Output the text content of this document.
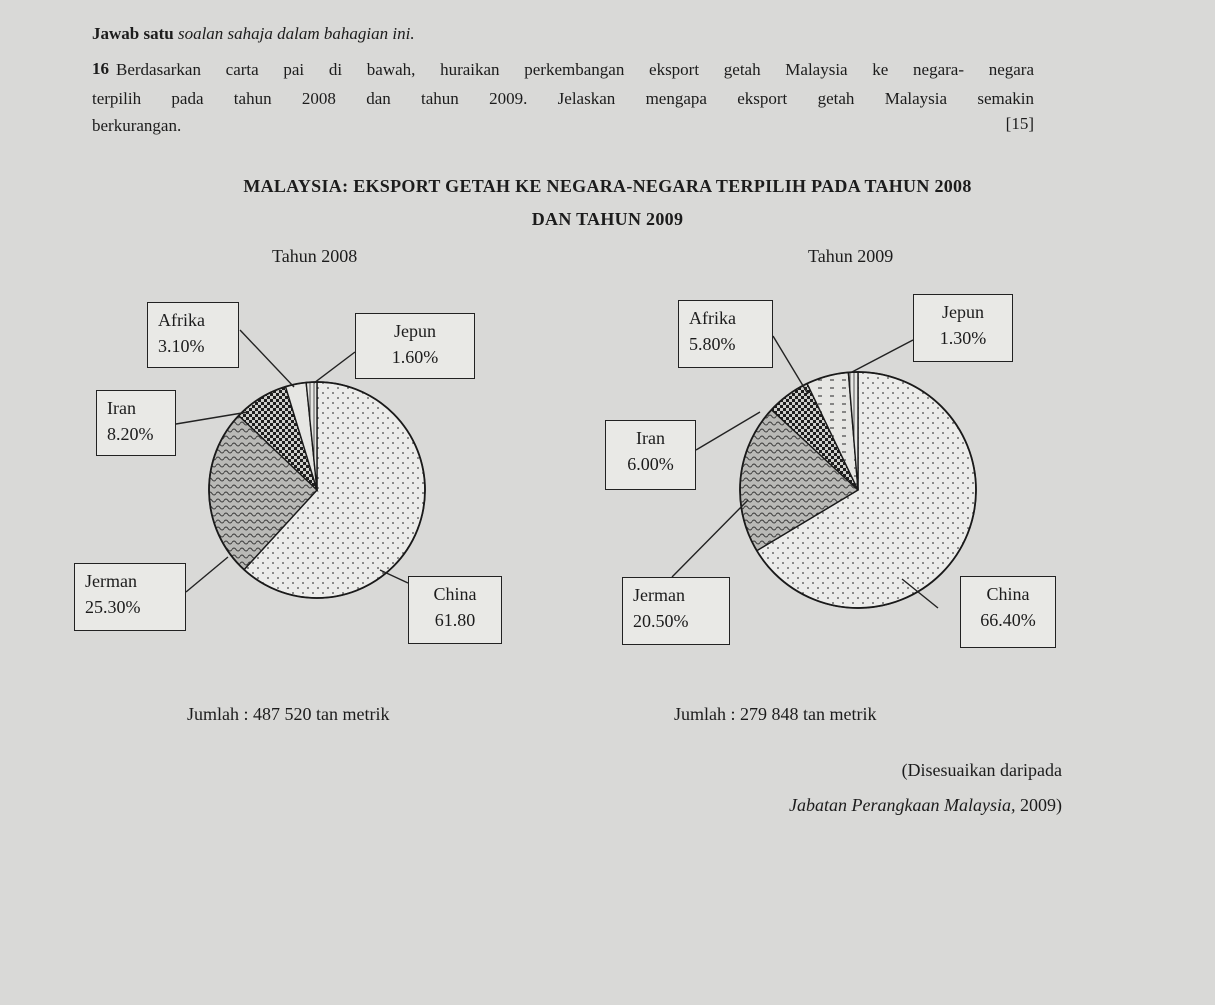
Jawab satu soalan sahaja dalam bahagian ini.
16 Berdasarkan carta pai di bawah, huraikan perkembangan eksport getah Malaysia ke negara- negara
terpilih pada tahun 2008 dan tahun 2009. Jelaskan mengapa eksport getah Malaysia semakin
berkurangan.	[15]
MALAYSIA: EKSPORT GETAH KE NEGARA-NEGARA TERPILIH PADA TAHUN 2008
DAN TAHUN 2009
Tahun 2008	Tahun 2009
Afrika
3.10%
Jepun
1.60%
Iran
8.20%
Jerman
25.30%
China
61.80
Afrika
5.80%
Jepun
1.30%
Iran
6.00%
Jerman
20.50%
China
66.40%
Jumlah : 487 520 tan metrik	Jumlah : 279 848 tan metrik
(Disesuaikan daripada
Jabatan Perangkaan Malaysia, 2009)
